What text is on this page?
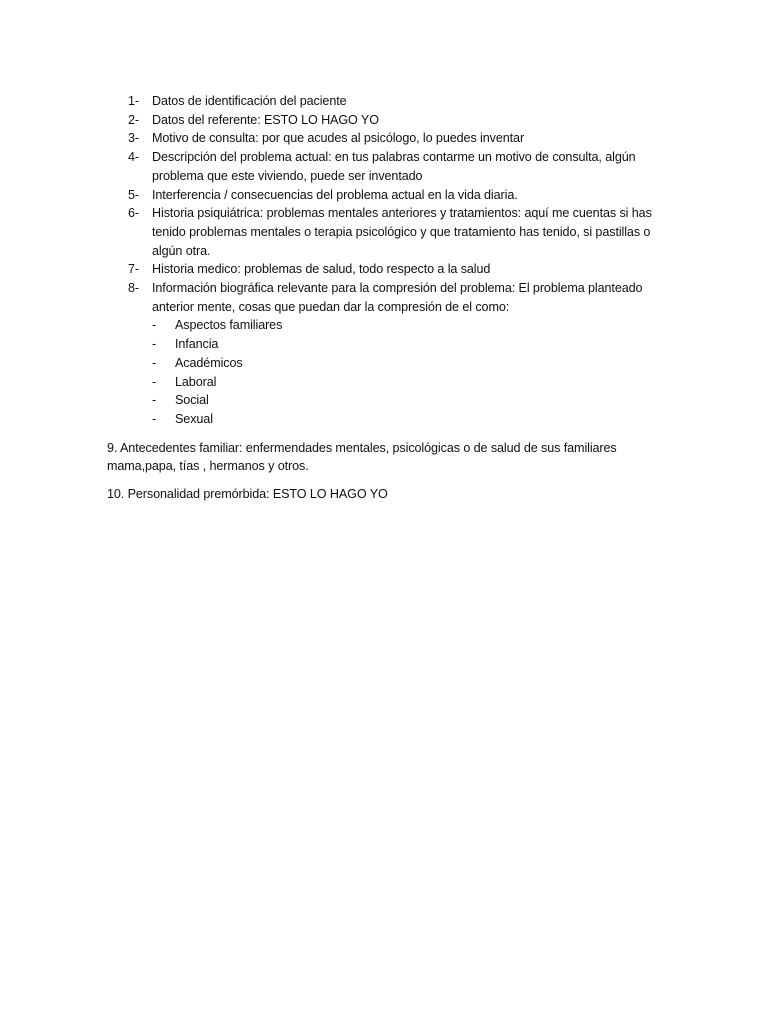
1-	Datos de identificación del paciente
2-	Datos del referente: ESTO LO HAGO YO
3-	Motivo de consulta: por que acudes al psicólogo, lo puedes inventar
4-	Descripción del problema actual: en tus palabras contarme un motivo de consulta, algún problema que este viviendo, puede ser inventado
5-	Interferencia / consecuencias del problema actual en la vida diaria.
6-	Historia psiquiátrica: problemas mentales anteriores y tratamientos: aquí me cuentas si has tenido problemas mentales o terapia psicológico y que tratamiento has tenido, si pastillas o algún otra.
7-	Historia medico: problemas de salud, todo respecto a la salud
8-	Información biográfica relevante para la compresión del problema: El problema planteado anterior mente, cosas que puedan dar la compresión de el como:
-	Aspectos familiares
-	Infancia
-	Académicos
-	Laboral
-	Social
-	Sexual

9. Antecedentes familiar: enfermendades mentales, psicológicas o de salud de sus familiares mama,papa, tías , hermanos y otros.

10. Personalidad premórbida: ESTO LO HAGO YO
